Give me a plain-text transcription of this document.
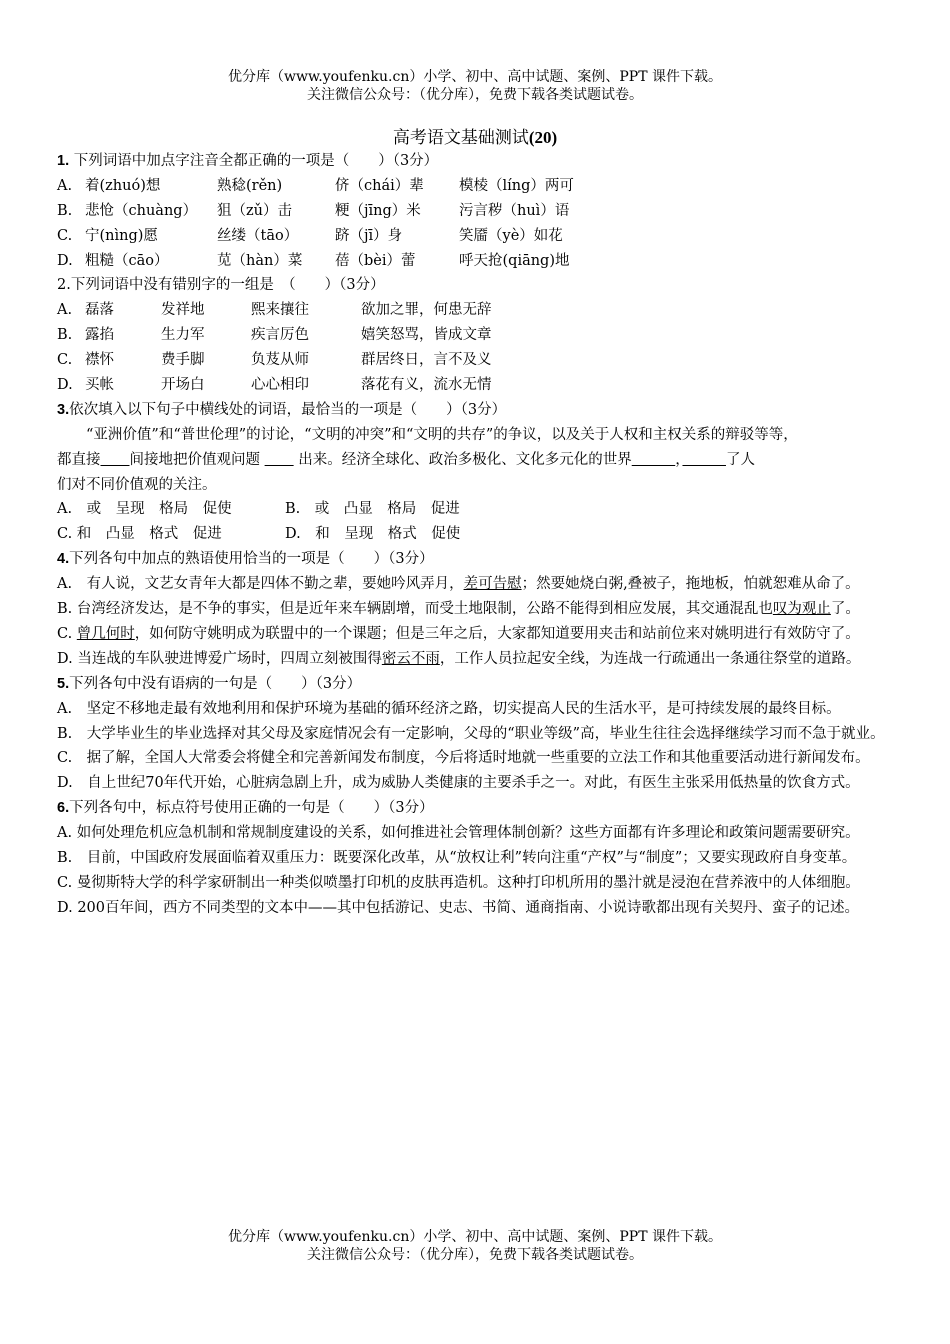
优分库（www.youfenku.cn）小学、初中、高中试题、案例、PPT 课件下载。
关注微信公众号：（优分库），免费下载各类试题试卷。
高考语文基础测试(20)
1. 下列词语中加点字注音全都正确的一项是（　　）（3分）
A. 着(zhuó)想	熟稔(rěn)	侪（chái）辈 模棱（líng）两可
B. 悲怆（chuàng） 狙（zǔ）击	粳（jīng）米	污言秽（huì）语
C. 宁(nìng)愿	丝缕（tāo）	跻（jī）身	笑靥（yè）如花
D. 粗糙（cāo）	苋（hàn）菜 蓓（bèi）蕾	呼天抢(qiāng)地
2.下列词语中没有错别字的一组是　（　　）（3分）
A. 磊落	发祥地	熙来攘往	欲加之罪，何患无辞
B. 露掐	生力军	疾言厉色	嬉笑怒骂，皆成文章
C. 襟怀	费手脚	负芨从师	群居终日，言不及义
D. 买帐	开场白	心心相印	落花有义，流水无情
3.依次填入以下句子中横线处的词语，最恰当的一项是（　　）（3分）
“亚洲价值”和“普世伦理”的讨论，“文明的冲突”和“文明的共存”的争议，以及关于人权和主权关系的辩驳等等，
都直接　　 间接地把价值观问题 　　	出来。经济全球化、政治多极化、文化多元化的世界　　　	，　　　	了人
们对不同价值观的关注。
A.　或　呈现　格局　促使	B.　或　凸显　格局　促进
C. 和　凸显　格式　促进	D.　和　呈现　格式　促使
4.下列各句中加点的熟语使用恰当的一项是（　　）（3分）
A.　有人说，文艺女青年大都是四体不勤之辈，要她吟风弄月，差可告慰；然要她烧白粥,叠被子，拖地板，怕就恕难从命了。
B. 台湾经济发达，是不争的事实，但是近年来车辆剧增，而受土地限制，公路不能得到相应发展，其交通混乱也叹为观止了。
C. 曾几何时，如何防守姚明成为联盟中的一个课题；但是三年之后，大家都知道要用夹击和站前位来对姚明进行有效防守了。
D. 当连战的车队驶进博爱广场时，四周立刻被围得密云不雨，工作人员拉起安全线，为连战一行疏通出一条通往祭堂的道路。
5.下列各句中没有语病的一句是（　　）（3分）
A.　坚定不移地走最有效地利用和保护环境为基础的循环经济之路，切实提高人民的生活水平，是可持续发展的最终目标。
B.　大学毕业生的毕业选择对其父母及家庭情况会有一定影响，父母的“职业等级”高，毕业生往往会选择继续学习而不急于就业。
C.　据了解，全国人大常委会将健全和完善新闻发布制度，今后将适时地就一些重要的立法工作和其他重要活动进行新闻发布。
D.　自上世纪70年代开始，心脏病急剧上升，成为威胁人类健康的主要杀手之一。对此，有医生主张采用低热量的饮食方式。
6.下列各句中，标点符号使用正确的一句是（　　）（3分）
A. 如何处理危机应急机制和常规制度建设的关系，如何推进社会管理体制创新？这些方面都有许多理论和政策问题需要研究。
B.　目前，中国政府发展面临着双重压力：既要深化改革，从“放权让利”转向注重“产权”与“制度”；又要实现政府自身变革。
C. 曼彻斯特大学的科学家研制出一种类似喷墨打印机的皮肤再造机。这种打印机所用的墨汁就是浸泡在营养液中的人体细胞。
D. 200百年间，西方不同类型的文本中——其中包括游记、史志、书简、通商指南、小说诗歌都出现有关契丹、蛮子的记述。
优分库（www.youfenku.cn）小学、初中、高中试题、案例、PPT 课件下载。
关注微信公众号：（优分库），免费下载各类试题试卷。
